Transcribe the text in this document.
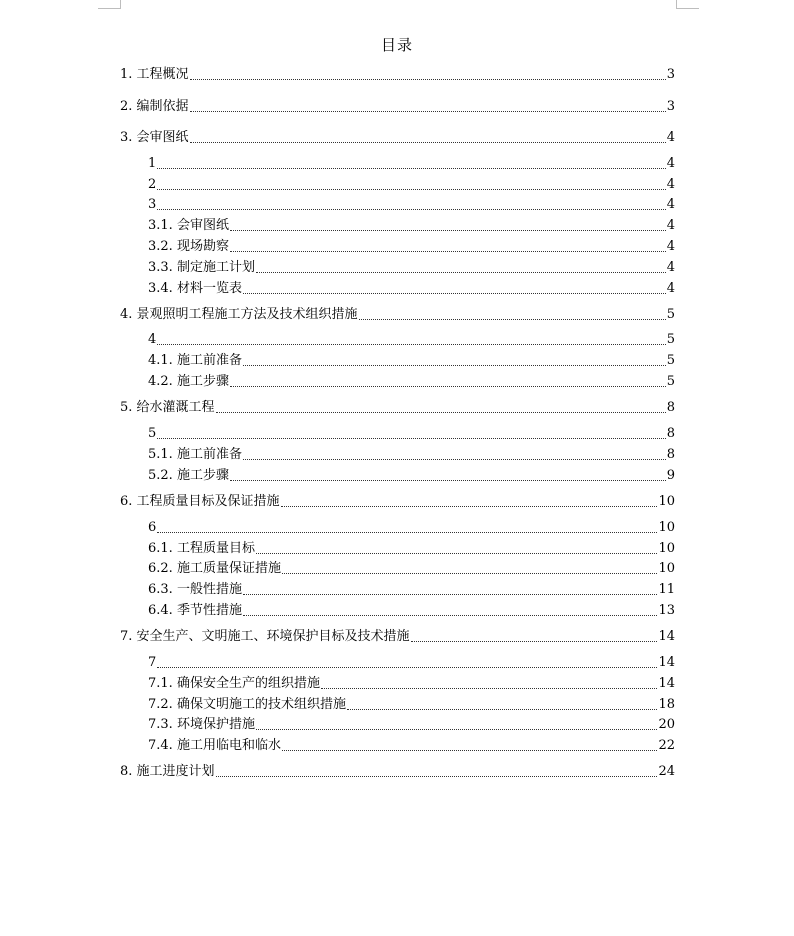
目录
1. 工程概况	3
2. 编制依据	3
3. 会审图纸	4
1	4
2	4
3	4
3.1. 会审图纸	4
3.2. 现场勘察	4
3.3. 制定施工计划	4
3.4. 材料一览表	4
4. 景观照明工程施工方法及技术组织措施	5
4	5
4.1. 施工前准备	5
4.2. 施工步骤	5
5. 给水灌溉工程	8
5	8
5.1. 施工前准备	8
5.2. 施工步骤	9
6. 工程质量目标及保证措施	10
6	10
6.1. 工程质量目标	10
6.2. 施工质量保证措施	10
6.3. 一般性措施	11
6.4. 季节性措施	13
7. 安全生产、文明施工、环境保护目标及技术措施	14
7	14
7.1. 确保安全生产的组织措施	14
7.2. 确保文明施工的技术组织措施	18
7.3. 环境保护措施	20
7.4. 施工用临电和临水	22
8. 施工进度计划	24
